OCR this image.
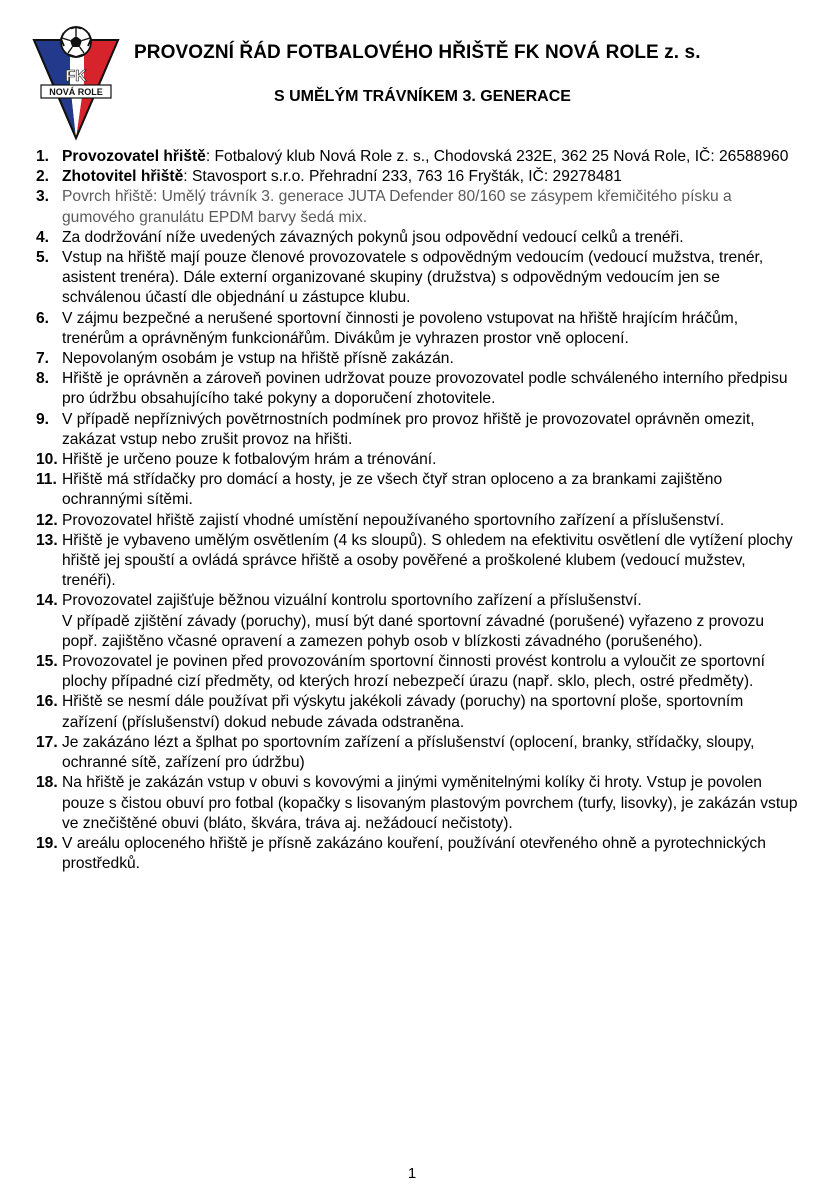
FK
NOVÁ ROLE
PROVOZNÍ ŘÁD FOTBALOVÉHO HŘIŠTĚ FK NOVÁ ROLE z. s.
S UMĚLÝM TRÁVNÍKEM 3. GENERACE
1. Provozovatel hřiště: Fotbalový klub Nová Role z. s., Chodovská 232E, 362 25 Nová Role, IČ: 26588960
2. Zhotovitel hřiště: Stavosport s.r.o. Přehradní 233, 763 16 Fryšták, IČ: 29278481
3. Povrch hřiště: Umělý trávník 3. generace JUTA Defender 80/160 se zásypem křemičitého písku a gumového granulátu EPDM barvy šedá mix.
4. Za dodržování níže uvedených závazných pokynů jsou odpovědní vedoucí celků a trenéři.
5. Vstup na hřiště mají pouze členové provozovatele s odpovědným vedoucím (vedoucí mužstva, trenér, asistent trenéra). Dále externí organizované skupiny (družstva) s odpovědným vedoucím jen se schválenou účastí dle objednání u zástupce klubu.
6. V zájmu bezpečné a nerušené sportovní činnosti je povoleno vstupovat na hřiště hrajícím hráčům, trenérům a oprávněným funkcionářům. Divákům je vyhrazen prostor vně oplocení.
7. Nepovolaným osobám je vstup na hřiště přísně zakázán.
8. Hřiště je oprávněn a zároveň povinen udržovat pouze provozovatel podle schváleného interního předpisu pro údržbu obsahujícího také pokyny a doporučení zhotovitele.
9. V případě nepříznivých povětrnostních podmínek pro provoz hřiště je provozovatel oprávněn omezit, zakázat vstup nebo zrušit provoz na hřišti.
10. Hřiště je určeno pouze k fotbalovým hrám a trénování.
11. Hřiště má střídačky pro domácí a hosty, je ze všech čtyř stran oploceno a za brankami zajištěno ochrannými sítěmi.
12. Provozovatel hřiště zajistí vhodné umístění nepoužívaného sportovního zařízení a příslušenství.
13. Hřiště je vybaveno umělým osvětlením (4 ks sloupů). S ohledem na efektivitu osvětlení dle vytížení plochy hřiště jej spouští a ovládá správce hřiště a osoby pověřené a proškolené klubem (vedoucí mužstev, trenéři).
14. Provozovatel zajišťuje běžnou vizuální kontrolu sportovního zařízení a příslušenství.
V případě zjištění závady (poruchy), musí být dané sportovní závadné (porušené) vyřazeno z provozu popř. zajištěno včasné opravení a zamezen pohyb osob v blízkosti závadného (porušeného).
15. Provozovatel je povinen před provozováním sportovní činnosti provést kontrolu a vyloučit ze sportovní plochy případné cizí předměty, od kterých hrozí nebezpečí úrazu (např. sklo, plech, ostré předměty).
16. Hřiště se nesmí dále používat při výskytu jakékoli závady (poruchy) na sportovní ploše, sportovním zařízení (příslušenství) dokud nebude závada odstraněna.
17. Je zakázáno lézt a šplhat po sportovním zařízení a příslušenství (oplocení, branky, střídačky, sloupy, ochranné sítě, zařízení pro údržbu)
18. Na hřiště je zakázán vstup v obuvi s kovovými a jinými vyměnitelnými kolíky či hroty. Vstup je povolen pouze s čistou obuví pro fotbal (kopačky s lisovaným plastovým povrchem (turfy, lisovky), je zakázán vstup ve znečištěné obuvi (bláto, škvára, tráva aj. nežádoucí nečistoty).
19. V areálu oploceného hřiště je přísně zakázáno kouření, používání otevřeného ohně a pyrotechnických prostředků.
1
